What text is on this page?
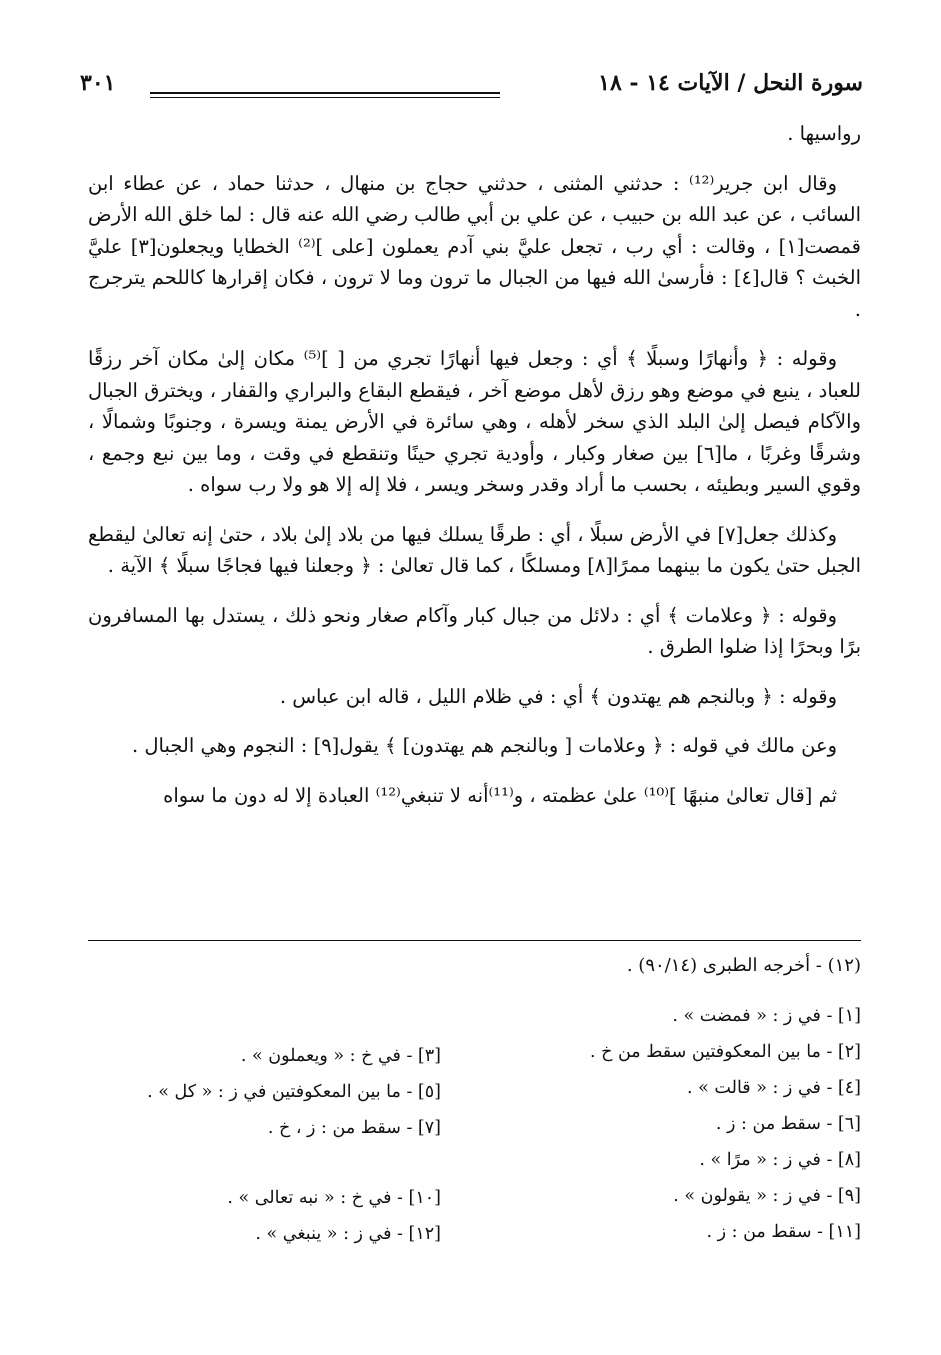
سورة النحل / الآيات ١٤ - ١٨
٣٠١

رواسيها .

وقال ابن جرير⁽¹²⁾ : حدثني المثنى ، حدثني حجاج بن منهال ، حدثنا حماد ، عن عطاء ابن السائب ، عن عبد الله بن حبيب ، عن علي بن أبي طالب رضي الله عنه قال : لما خلق الله الأرض قمصت[١] ، وقالت : أي رب ، تجعل عليَّ بني آدم يعملون [على ]⁽²⁾ الخطايا ويجعلون[٣] عليَّ الخبث ؟ قال[٤] : فأرسىٰ الله فيها من الجبال ما ترون وما لا ترون ، فكان إقرارها كاللحم يترجرج .

وقوله : ﴿ وأنهارًا وسبلًا ﴾ أي : وجعل فيها أنهارًا تجري من [ ]⁽⁵⁾ مكان إلىٰ مكان آخر رزقًا للعباد ، ينبع في موضع وهو رزق لأهل موضع آخر ، فيقطع البقاع والبراري والقفار ، ويخترق الجبال والآكام فيصل إلىٰ البلد الذي سخر لأهله ، وهي سائرة في الأرض يمنة ويسرة ، وجنوبًا وشمالًا ، وشرقًا وغربًا ، ما[٦] بين صغار وكبار ، وأودية تجري حينًا وتنقطع في وقت ، وما بين نبع وجمع ، وقوي السير وبطيئه ، بحسب ما أراد وقدر وسخر ويسر ، فلا إله إلا هو ولا رب سواه .

وكذلك جعل[٧] في الأرض سبلًا ، أي : طرقًا يسلك فيها من بلاد إلىٰ بلاد ، حتىٰ إنه تعالىٰ ليقطع الجبل حتىٰ يكون ما بينهما ممرًا[٨] ومسلكًا ، كما قال تعالىٰ : ﴿ وجعلنا فيها فجاجًا سبلًا ﴾ الآية .

وقوله : ﴿ وعلامات ﴾ أي : دلائل من جبال كبار وآكام صغار ونحو ذلك ، يستدل بها المسافرون برًا وبحرًا إذا ضلوا الطرق .

وقوله : ﴿ وبالنجم هم يهتدون ﴾ أي : في ظلام الليل ، قاله ابن عباس .

وعن مالك في قوله : ﴿ وعلامات [ وبالنجم هم يهتدون] ﴾ يقول[٩] : النجوم وهي الجبال .

ثم [قال تعالىٰ منبهًا ]⁽¹⁰⁾ علىٰ عظمته ، و⁽¹¹⁾أنه لا تنبغي⁽¹²⁾ العبادة إلا له دون ما سواه

(١٢) - أخرجه الطبرى (٩٠/١٤) .
[١] - في ز : « فمضت » .
[٢] - ما بين المعكوفتين سقط من خ .
[٤] - في ز : « قالت » .
[٦] - سقط من : ز .
[٨] - في ز : « مرًا » .
[٩] - في ز : « يقولون » .
[١١] - سقط من : ز .
[٣] - في خ : « ويعملون » .
[٥] - ما بين المعكوفتين في ز : « كل » .
[٧] - سقط من : ز ، خ .
[١٠] - في خ : « نبه تعالى » .
[١٢] - في ز : « ينبغي » .
